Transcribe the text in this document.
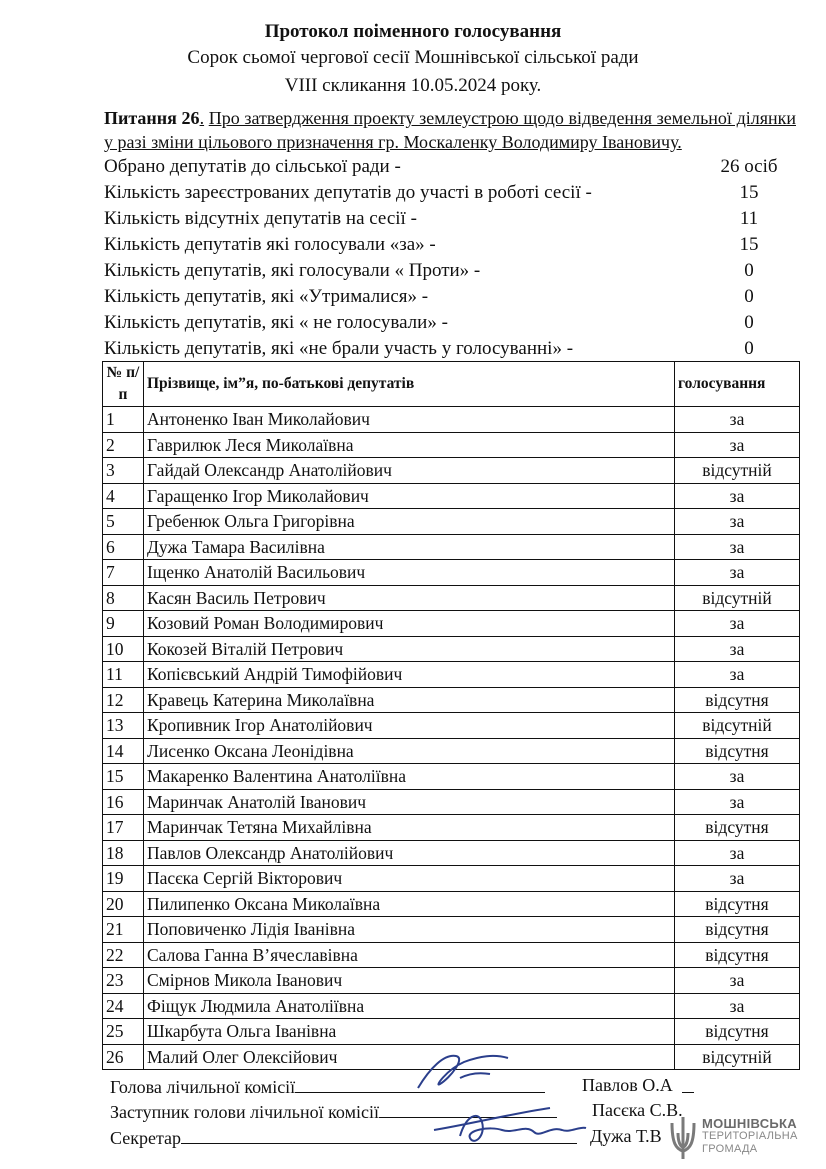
Протокол поіменного голосування
Сорок сьомої чергової сесії Мошнівської сільської ради
VIII скликання 10.05.2024 року.
Питання 26. Про затвердження проекту землеустрою щодо відведення земельної ділянки у разі зміни цільового призначення гр. Москаленку Володимиру Івановичу.
Обрано депутатів до сільської ради -	26 осіб
Кількість зареєстрованих депутатів до участі в роботі сесії -	15
Кількість відсутніх депутатів на сесії -	11
Кількість депутатів які голосували «за» -	15
Кількість депутатів, які голосували « Проти» -	0
Кількість депутатів, які «Утрималися» -	0
Кількість депутатів, які « не голосували» -	0
Кількість депутатів, які «не брали участь у голосуванні» -	0
№ п/п	Прізвище, ім”я, по-батькові депутатів	голосування
1	Антоненко Іван Миколайович	за
2	Гаврилюк Леся Миколаївна	за
3	Гайдай Олександр Анатолійович	відсутній
4	Гаращенко Ігор Миколайович	за
5	Гребенюк Ольга Григорівна	за
6	Дужа Тамара Василівна	за
7	Іщенко Анатолій Васильович	за
8	Касян Василь Петрович	відсутній
9	Козовий Роман Володимирович	за
10	Кокозей Віталій Петрович	за
11	Копієвський Андрій Тимофійович	за
12	Кравець Катерина Миколаївна	відсутня
13	Кропивник Ігор Анатолійович	відсутній
14	Лисенко Оксана Леонідівна	відсутня
15	Макаренко Валентина Анатоліївна	за
16	Маринчак Анатолій Іванович	за
17	Маринчак Тетяна Михайлівна	відсутня
18	Павлов Олександр Анатолійович	за
19	Пасєка Сергій Вікторович	за
20	Пилипенко Оксана Миколаївна	відсутня
21	Поповиченко Лідія Іванівна	відсутня
22	Салова Ганна В’ячеславівна	відсутня
23	Смірнов Микола Іванович	за
24	Фіщук Людмила Анатоліївна	за
25	Шкарбута Ольга Іванівна	відсутня
26	Малий Олег Олексійович	відсутній
Голова лічильної комісії	Павлов О.А
Заступник голови лічильної комісії	Пасєка С.В.
Секретар	Дужа Т.В
МОШНІВСЬКА
ТЕРИТОРІАЛЬНА
ГРОМАДА
